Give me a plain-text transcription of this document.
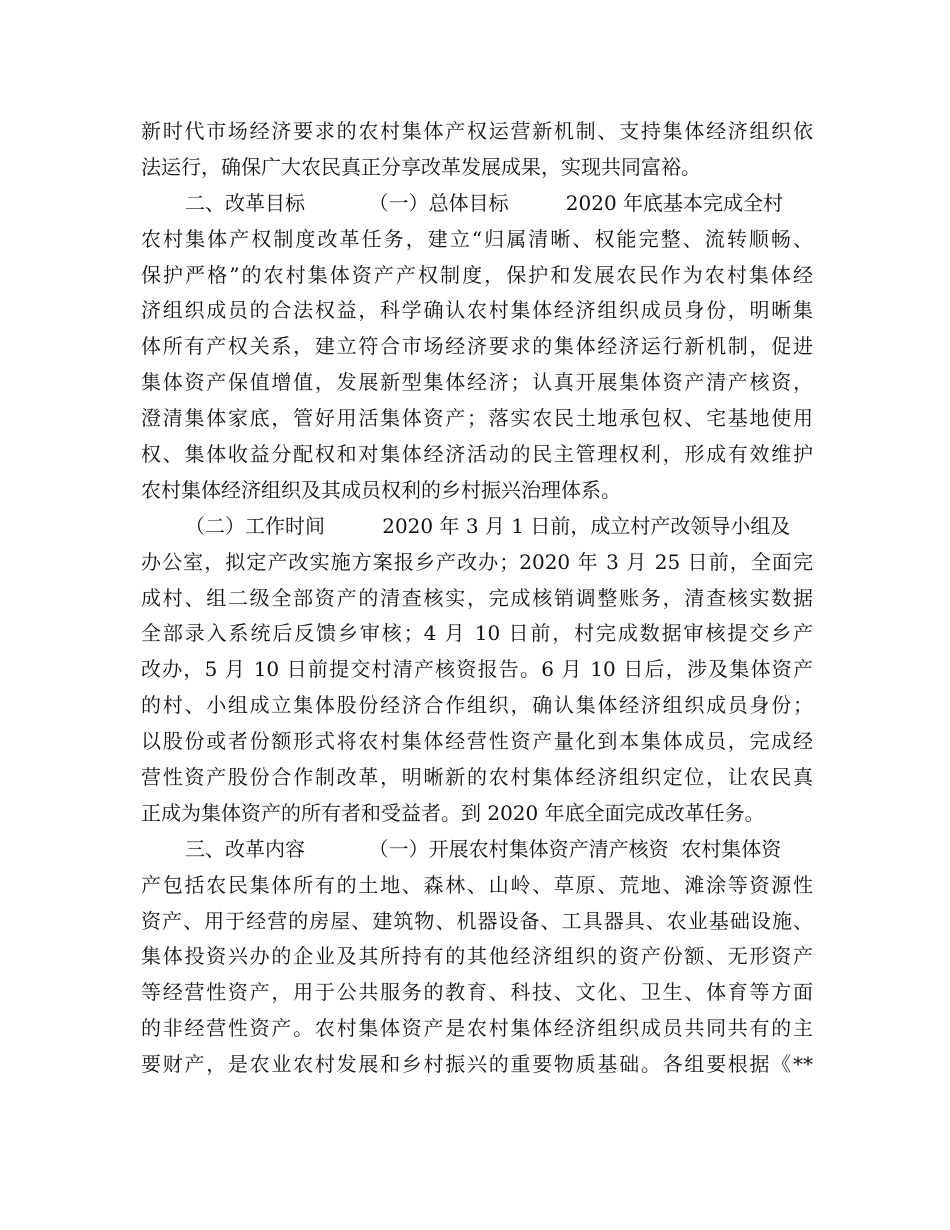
新时代市场经济要求的农村集体产权运营新机制、支持集体经济组织依
法运行，确保广大农民真正分享改革发展成果，实现共同富裕。
二、改革目标          （一）总体目标         2020 年底基本完成全村
农村集体产权制度改革任务，建立“归属清晰、权能完整、流转顺畅、
保护严格”的农村集体资产产权制度，保护和发展农民作为农村集体经
济组织成员的合法权益，科学确认农村集体经济组织成员身份，明晰集
体所有产权关系，建立符合市场经济要求的集体经济运行新机制，促进
集体资产保值增值，发展新型集体经济；认真开展集体资产清产核资，
澄清集体家底，管好用活集体资产；落实农民土地承包权、宅基地使用
权、集体收益分配权和对集体经济活动的民主管理权利，形成有效维护
农村集体经济组织及其成员权利的乡村振兴治理体系。
（二）工作时间         2020 年 3 月 1 日前，成立村产改领导小组及
办公室，拟定产改实施方案报乡产改办；2020 年 3 月 25 日前，全面完
成村、组二级全部资产的清查核实，完成核销调整账务，清查核实数据
全部录入系统后反馈乡审核；4 月 10 日前，村完成数据审核提交乡产
改办，5 月 10 日前提交村清产核资报告。6 月 10 日后，涉及集体资产
的村、小组成立集体股份经济合作组织，确认集体经济组织成员身份；
以股份或者份额形式将农村集体经营性资产量化到本集体成员，完成经
营性资产股份合作制改革，明晰新的农村集体经济组织定位，让农民真
正成为集体资产的所有者和受益者。到 2020 年底全面完成改革任务。
三、改革内容          （一）开展农村集体资产清产核资  农村集体资
产包括农民集体所有的土地、森林、山岭、草原、荒地、滩涂等资源性
资产、用于经营的房屋、建筑物、机器设备、工具器具、农业基础设施、
集体投资兴办的企业及其所持有的其他经济组织的资产份额、无形资产
等经营性资产，用于公共服务的教育、科技、文化、卫生、体育等方面
的非经营性资产。农村集体资产是农村集体经济组织成员共同共有的主
要财产，是农业农村发展和乡村振兴的重要物质基础。各组要根据《**
